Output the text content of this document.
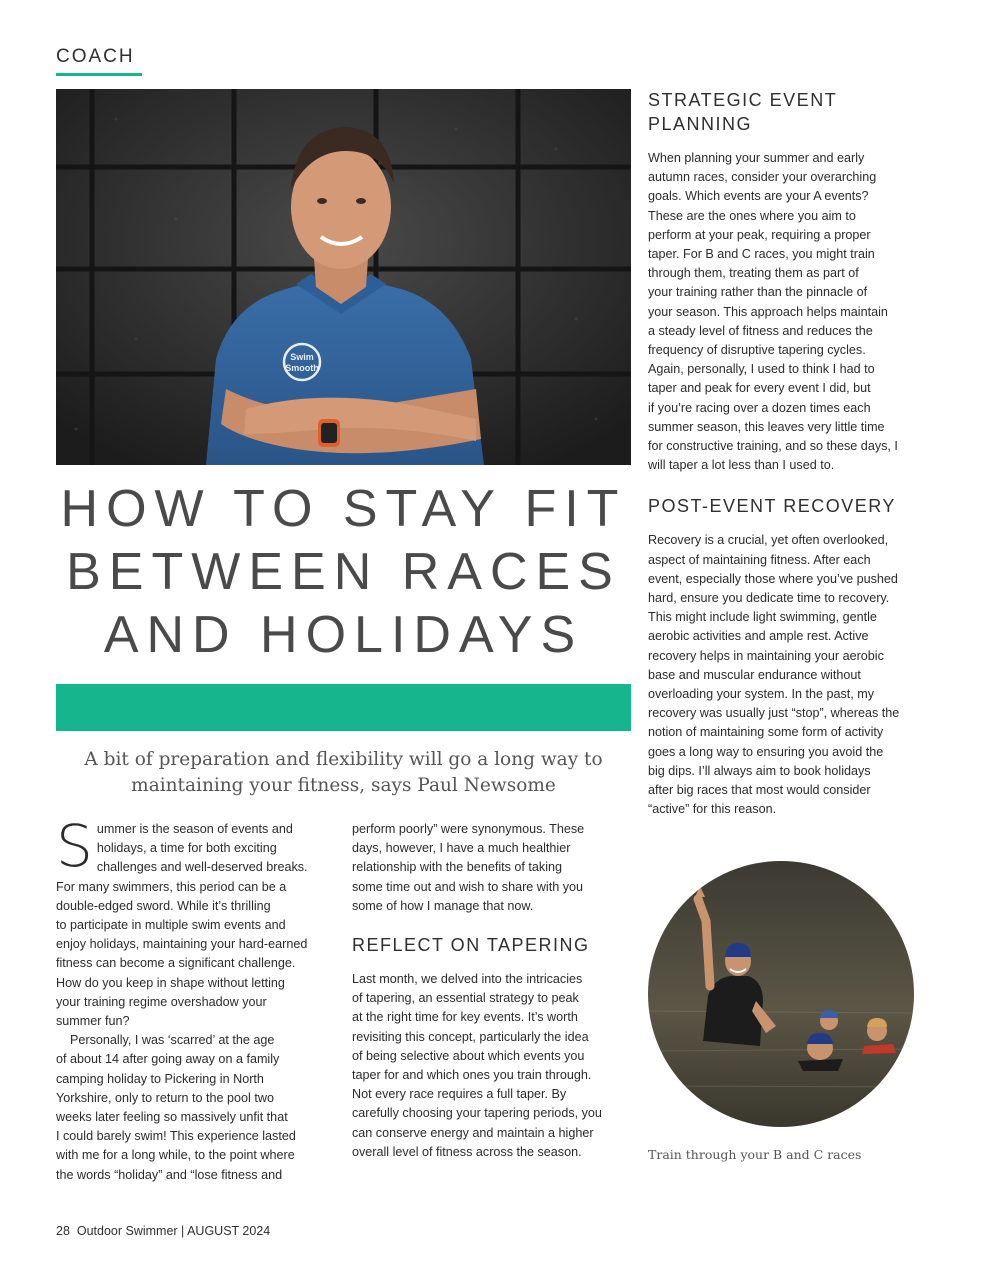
COACH
Swim
Smooth
HOW TO STAY FIT
BETWEEN RACES
AND HOLIDAYS
A bit of preparation and flexibility will go a long way to
maintaining your fitness, says Paul Newsome
S ummer is the season of events and
holidays, a time for both exciting
challenges and well-deserved breaks.

For many swimmers, this period can be a
double-edged sword. While it’s thrilling
to participate in multiple swim events and
enjoy holidays, maintaining your hard-earned
fitness can become a significant challenge.
How do you keep in shape without letting
your training regime overshadow your
summer fun?

Personally, I was ‘scarred’ at the age
of about 14 after going away on a family
camping holiday to Pickering in North
Yorkshire, only to return to the pool two
weeks later feeling so massively unfit that
I could barely swim! This experience lasted
with me for a long while, to the point where
the words “holiday” and “lose fitness and

perform poorly” were synonymous. These
days, however, I have a much healthier
relationship with the benefits of taking
some time out and wish to share with you
some of how I manage that now.

REFLECT ON TAPERING

Last month, we delved into the intricacies
of tapering, an essential strategy to peak
at the right time for key events. It’s worth
revisiting this concept, particularly the idea
of being selective about which events you
taper for and which ones you train through.
Not every race requires a full taper. By
carefully choosing your tapering periods, you
can conserve energy and maintain a higher
overall level of fitness across the season.

STRATEGIC EVENT
PLANNING

When planning your summer and early
autumn races, consider your overarching
goals. Which events are your A events?
These are the ones where you aim to
perform at your peak, requiring a proper
taper. For B and C races, you might train
through them, treating them as part of
your training rather than the pinnacle of
your season. This approach helps maintain
a steady level of fitness and reduces the
frequency of disruptive tapering cycles.
Again, personally, I used to think I had to
taper and peak for every event I did, but
if you’re racing over a dozen times each
summer season, this leaves very little time
for constructive training, and so these days, I
will taper a lot less than I used to.

POST-EVENT RECOVERY

Recovery is a crucial, yet often overlooked,
aspect of maintaining fitness. After each
event, especially those where you’ve pushed
hard, ensure you dedicate time to recovery.
This might include light swimming, gentle
aerobic activities and ample rest. Active
recovery helps in maintaining your aerobic
base and muscular endurance without
overloading your system. In the past, my
recovery was usually just “stop”, whereas the
notion of maintaining some form of activity
goes a long way to ensuring you avoid the
big dips. I’ll always aim to book holidays
after big races that most would consider
“active” for this reason.

Train through your B and C races
28 Outdoor Swimmer | AUGUST 2024
